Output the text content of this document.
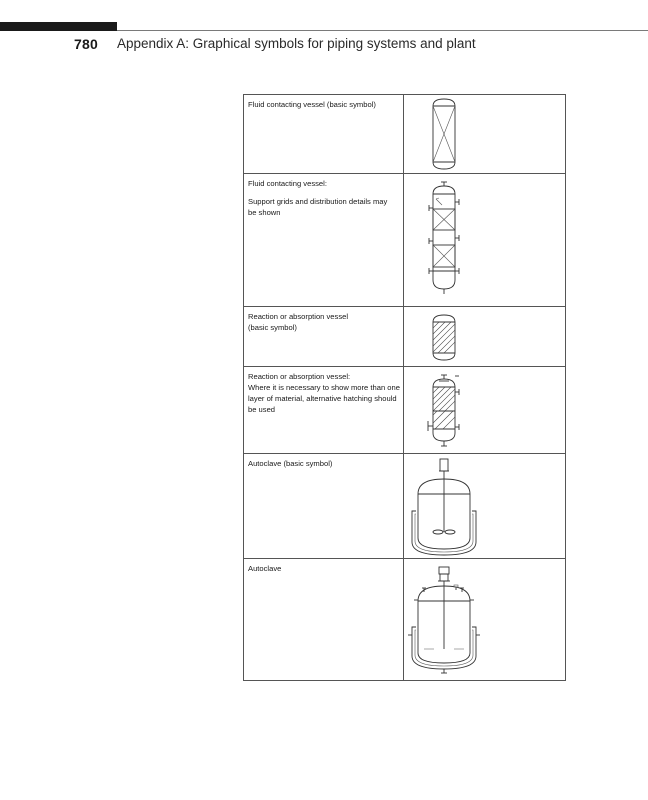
780 Appendix A: Graphical symbols for piping systems and plant

Fluid contacting vessel (basic symbol)

Fluid contacting vessel:

Support grids and distribution details may be shown

Reaction or absorption vessel (basic symbol)

Reaction or absorption vessel:

Where it is necessary to show more than one layer of material, alternative hatching should be used

Autoclave (basic symbol)

Autoclave
